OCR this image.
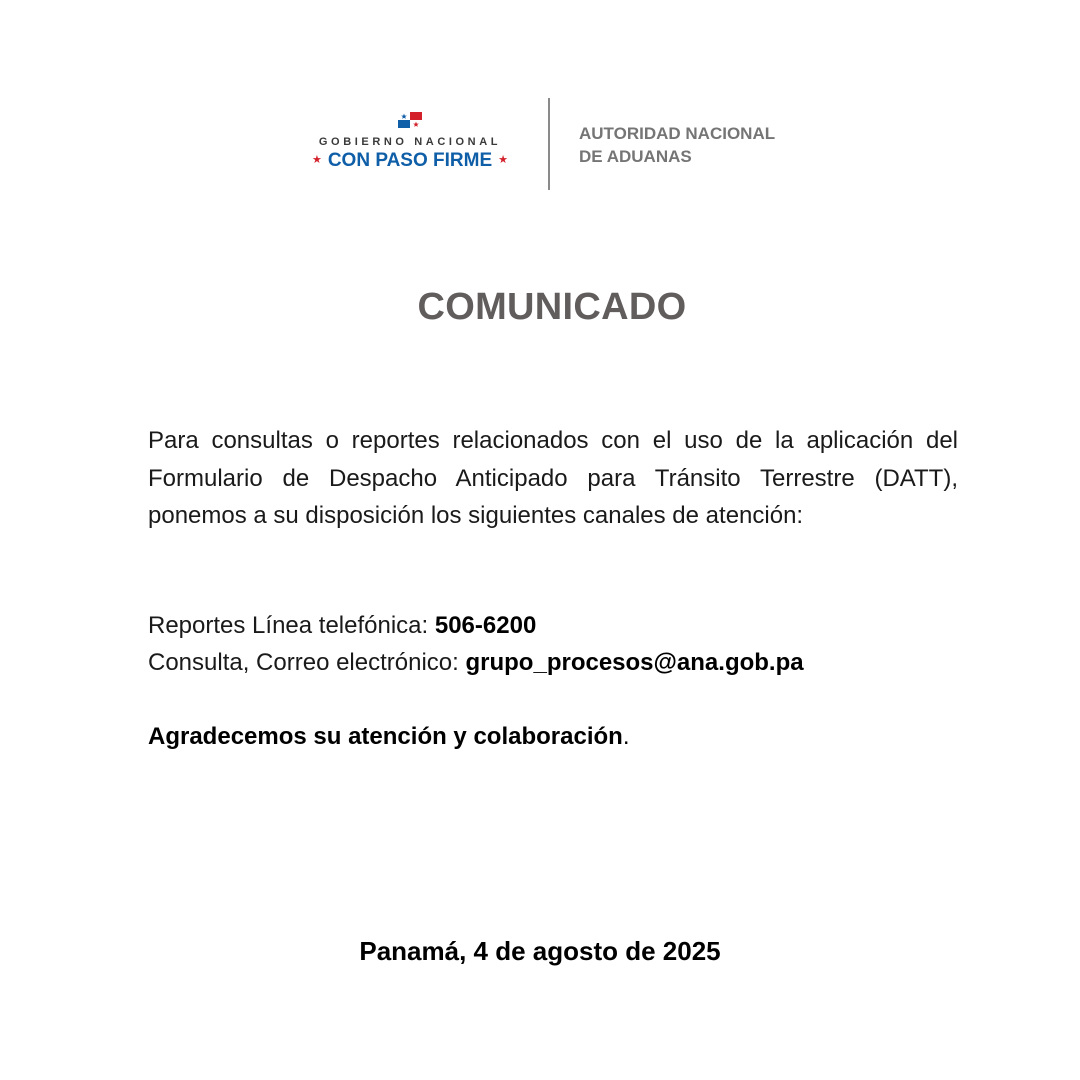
GOBIERNO NACIONAL
★ CON PASO FIRME ★
AUTORIDAD NACIONAL
DE ADUANAS
COMUNICADO
Para consultas o reportes relacionados con el uso de la aplicación del Formulario de Despacho Anticipado para Tránsito Terrestre (DATT), ponemos a su disposición los siguientes canales de atención:
Reportes Línea telefónica: 506-6200
Consulta, Correo electrónico: grupo_procesos@ana.gob.pa
Agradecemos su atención y colaboración.
Panamá, 4 de agosto de 2025
